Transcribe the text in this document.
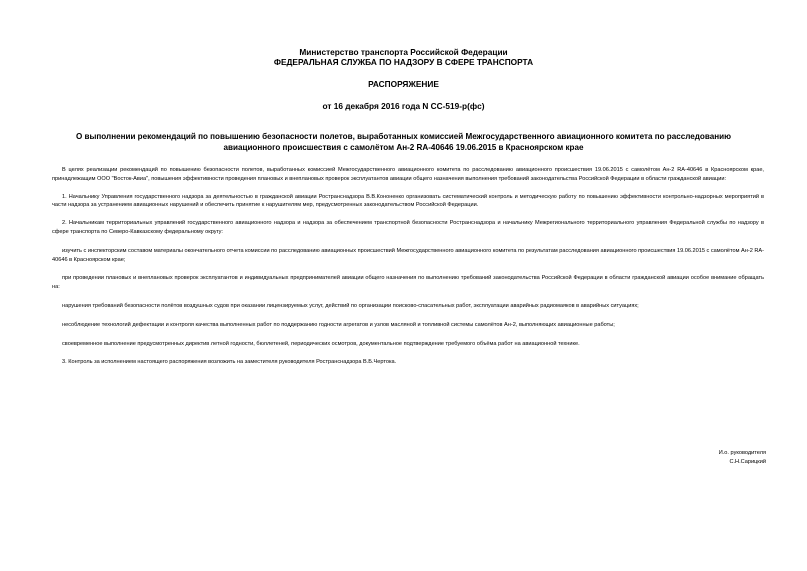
Министерство транспорта Российской Федерации
ФЕДЕРАЛЬНАЯ СЛУЖБА ПО НАДЗОРУ В СФЕРЕ ТРАНСПОРТА
РАСПОРЯЖЕНИЕ
от 16 декабря 2016 года N СС-519-р(фс)
О выполнении рекомендаций по повышению безопасности полетов, выработанных комиссией Межгосударственного авиационного комитета по расследованию
авиационного происшествия с самолётом Ан-2 RA-40646 19.06.2015 в Красноярском крае

В целях реализации рекомендаций по повышению безопасности полетов, выработанных комиссией Межгосударственного авиационного комитета по расследованию авиационного происшествия 19.06.2015 с самолётом Ан-2 RA-40646 в Красноярском крае, принадлежащим ООО "Восток-Авиа", повышения эффективности проведения плановых и внеплановых проверок эксплуатантов авиации общего назначения выполнения требований законодательства Российской Федерации в области гражданской авиации:

1. Начальнику Управления государственного надзора за деятельностью в гражданской авиации Ространснадзора В.В.Кононенко организовать систематический контроль и методическую работу по повышению эффективности контрольно-надзорных мероприятий в части надзора за устранением авиационных нарушений и обеспечить принятие к нарушителям мер, предусмотренных законодательством Российской Федерации.

2. Начальникам территориальных управлений государственного авиационного надзора и надзора за обеспечением транспортной безопасности Ространснадзора и начальнику Межрегионального территориального управления Федеральной службы по надзору в сфере транспорта по Северо-Кавказскому федеральному округу:

изучить с инспекторским составом материалы окончательного отчета комиссии по расследованию авиационных происшествий Межгосударственного авиационного комитета по результатам расследования авиационного происшествия 19.06.2015 с самолётом Ан-2 RA-40646 в Красноярском крае;

при проведении плановых и внеплановых проверок эксплуатантов и индивидуальных предпринимателей авиации общего назначения по выполнению требований законодательства Российской Федерации в области гражданской авиации особое внимание обращать на:

нарушения требований безопасности полётов воздушных судов при оказании лицензируемых услуг, действий по организации поисково-спасательных работ, эксплуатации аварийных радиомаяков в аварийных ситуациях;

несоблюдение технологий дефектации и контроля качества выполненных работ по поддержанию годности агрегатов и узлов масляной и топливной системы самолётов Ан-2, выполняющих авиационные работы;

своевременное выполнение предусмотренных директив летной годности, бюллетеней, периодических осмотров, документальное подтверждение требуемого объёма работ на авиационной технике.

3. Контроль за исполнением настоящего распоряжения возложить на заместителя руководителя Ространснадзора В.Б.Чертока.

И.о. руководителя
С.Н.Сарицкий
